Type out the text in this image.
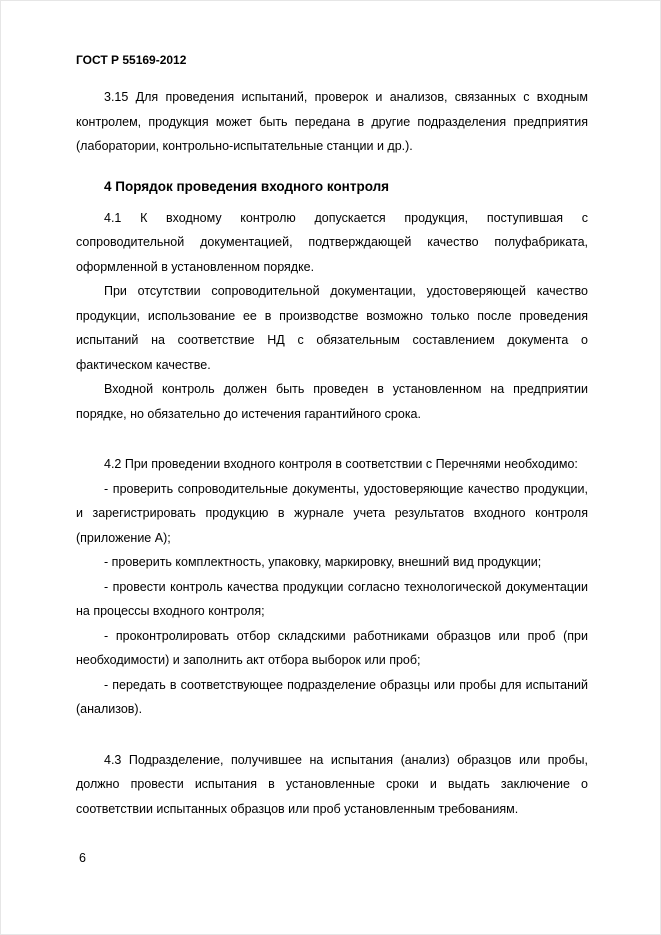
ГОСТ Р 55169-2012

3.15 Для проведения испытаний, проверок и анализов, связанных с входным контролем, продукция может быть передана в другие подразделения предприятия (лаборатории, контрольно-испытательные станции и др.).

4 Порядок проведения входного контроля

4.1 К входному контролю допускается продукция, поступившая с сопроводительной документацией, подтверждающей качество полуфабриката, оформленной в установленном порядке.

При отсутствии сопроводительной документации, удостоверяющей качество продукции, использование ее в производстве возможно только после проведения испытаний на соответствие НД с обязательным составлением документа о фактическом качестве.

Входной контроль должен быть проведен в установленном на предприятии порядке, но обязательно до истечения гарантийного срока.

4.2 При проведении входного контроля в соответствии с Перечнями необходимо:

- проверить сопроводительные документы, удостоверяющие качество продукции, и зарегистрировать продукцию в журнале учета результатов входного контроля (приложение А);

- проверить комплектность, упаковку, маркировку, внешний вид продукции;

- провести контроль качества продукции согласно технологической документации на процессы входного контроля;

- проконтролировать отбор складскими работниками образцов или проб (при необходимости) и заполнить акт отбора выборок или проб;

- передать в соответствующее подразделение образцы или пробы для испытаний (анализов).

4.3 Подразделение, получившее на испытания (анализ) образцов или пробы, должно провести испытания в установленные сроки и выдать заключение о соответствии испытанных образцов или проб установленным требованиям.

6
